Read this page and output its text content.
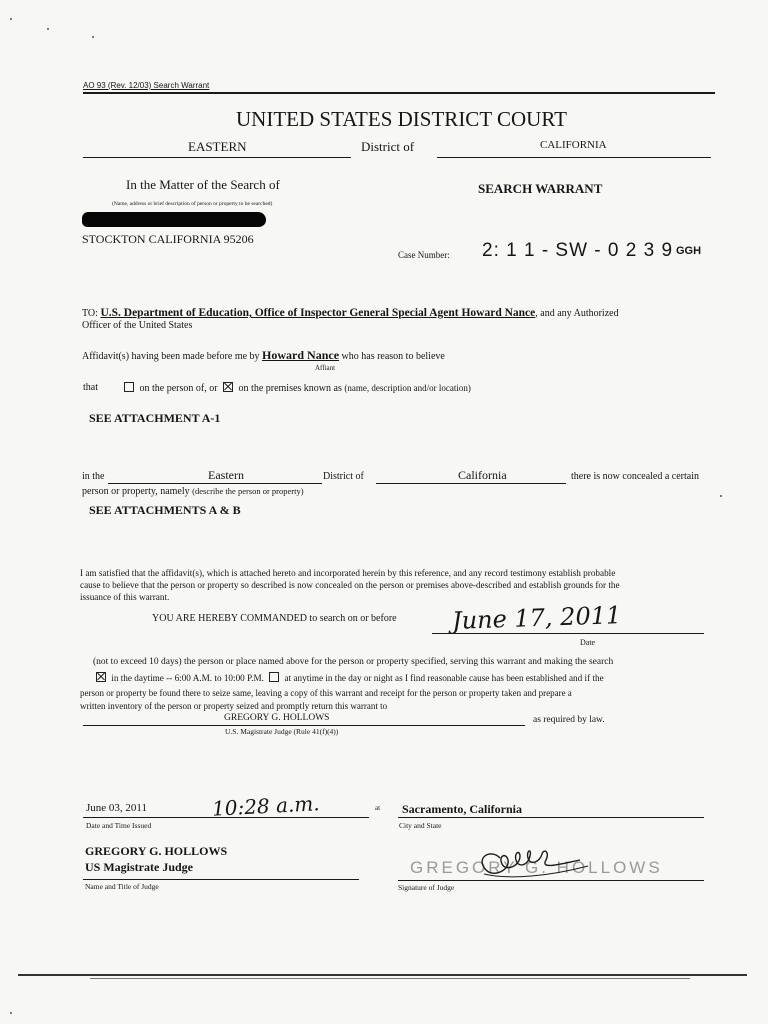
AO 93 (Rev. 12/03) Search Warrant
UNITED STATES DISTRICT COURT
EASTERN	District of	CALIFORNIA
In the Matter of the Search of
(Name, address or brief description of person or property to be searched)
STOCKTON CALIFORNIA 95206
SEARCH WARRANT
Case Number: 2: 1 1 - SW - 0 2 3 9 GGH
TO: U.S. Department of Education, Office of Inspector General Special Agent Howard Nance, and any Authorized
Officer of the United States
Affidavit(s) having been made before me by Howard Nance who has reason to believe
Affiant
that	on the person of, or on the premises known as (name, description and/or location)
SEE ATTACHMENT A-1
in the	Eastern	District of	California	there is now concealed a certain
person or property, namely (describe the person or property)
SEE ATTACHMENTS A & B
I am satisfied that the affidavit(s), which is attached hereto and incorporated herein by this reference, and any record testimony establish probable
cause to believe that the person or property so described is now concealed on the person or premises above-described and establish grounds for the
issuance of this warrant.
YOU ARE HEREBY COMMANDED to search on or before June 17, 2011
Date
(not to exceed 10 days) the person or place named above for the person or property specified, serving this warrant and making the search
in the daytime -- 6:00 A.M. to 10:00 P.M. at anytime in the day or night as I find reasonable cause has been established and if the
person or property be found there to seize same, leaving a copy of this warrant and receipt for the person or property taken and prepare a
written inventory of the person or property seized and promptly return this warrant to
GREGORY G. HOLLOWS	as required by law.
U.S. Magistrate Judge (Rule 41(f)(4))
June 03, 2011	10:28 a.m.	at Sacramento, California
Date and Time Issued	City and State
GREGORY G. HOLLOWS
US Magistrate Judge
Name and Title of Judge
GREGORY G. HOLLOWS
Signature of Judge
